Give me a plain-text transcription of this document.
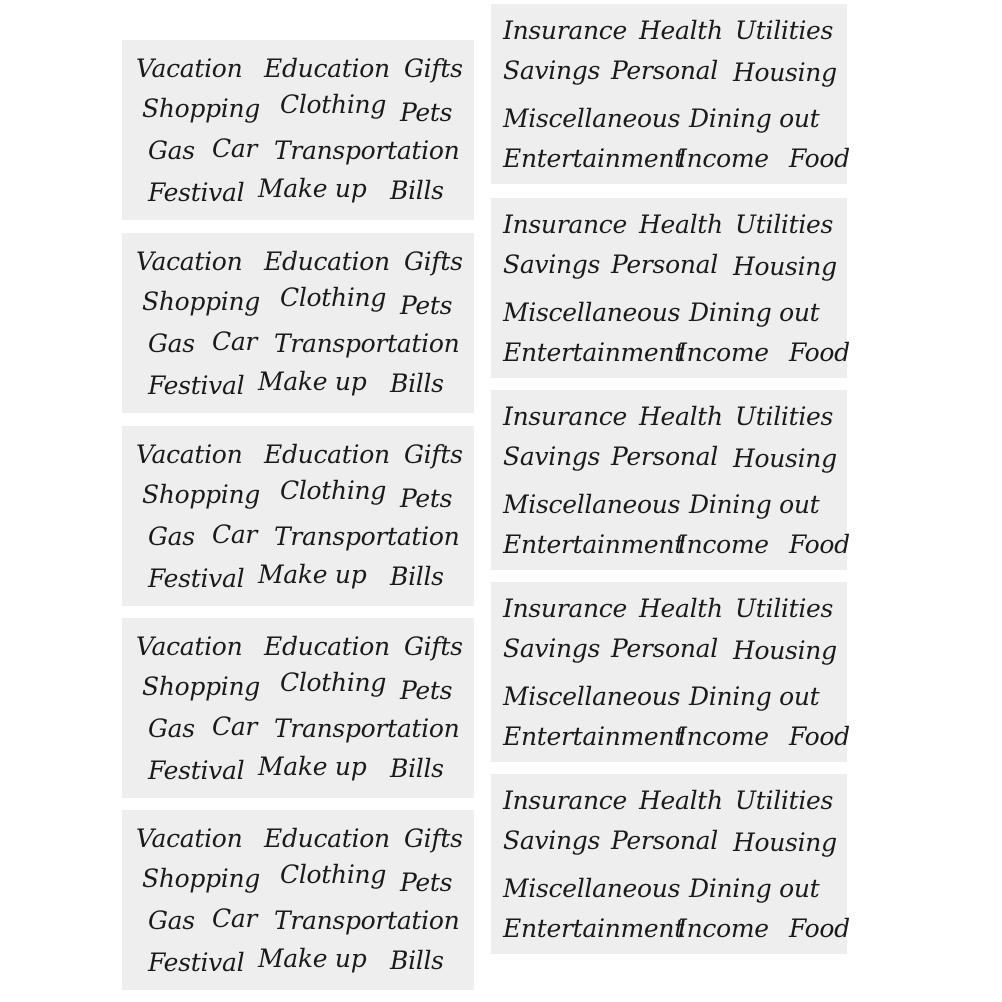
Vacation Education Gifts
Shopping Clothing Pets
Gas Car Transportation
Festival Make up Bills
Vacation Education Gifts
Shopping Clothing Pets
Gas Car Transportation
Festival Make up Bills
Vacation Education Gifts
Shopping Clothing Pets
Gas Car Transportation
Festival Make up Bills
Vacation Education Gifts
Shopping Clothing Pets
Gas Car Transportation
Festival Make up Bills
Vacation Education Gifts
Shopping Clothing Pets
Gas Car Transportation
Festival Make up Bills
Insurance Health Utilities
Savings Personal Housing
Miscellaneous Dining out
Entertainment
Income Food
Insurance Health Utilities
Savings Personal Housing
Miscellaneous Dining out
Entertainment
Income Food
Insurance Health Utilities
Savings Personal Housing
Miscellaneous Dining out
Entertainment
Income Food
Insurance Health Utilities
Savings Personal Housing
Miscellaneous Dining out
Entertainment
Income Food
Insurance Health Utilities
Savings Personal Housing
Miscellaneous Dining out
Entertainment
Income Food
